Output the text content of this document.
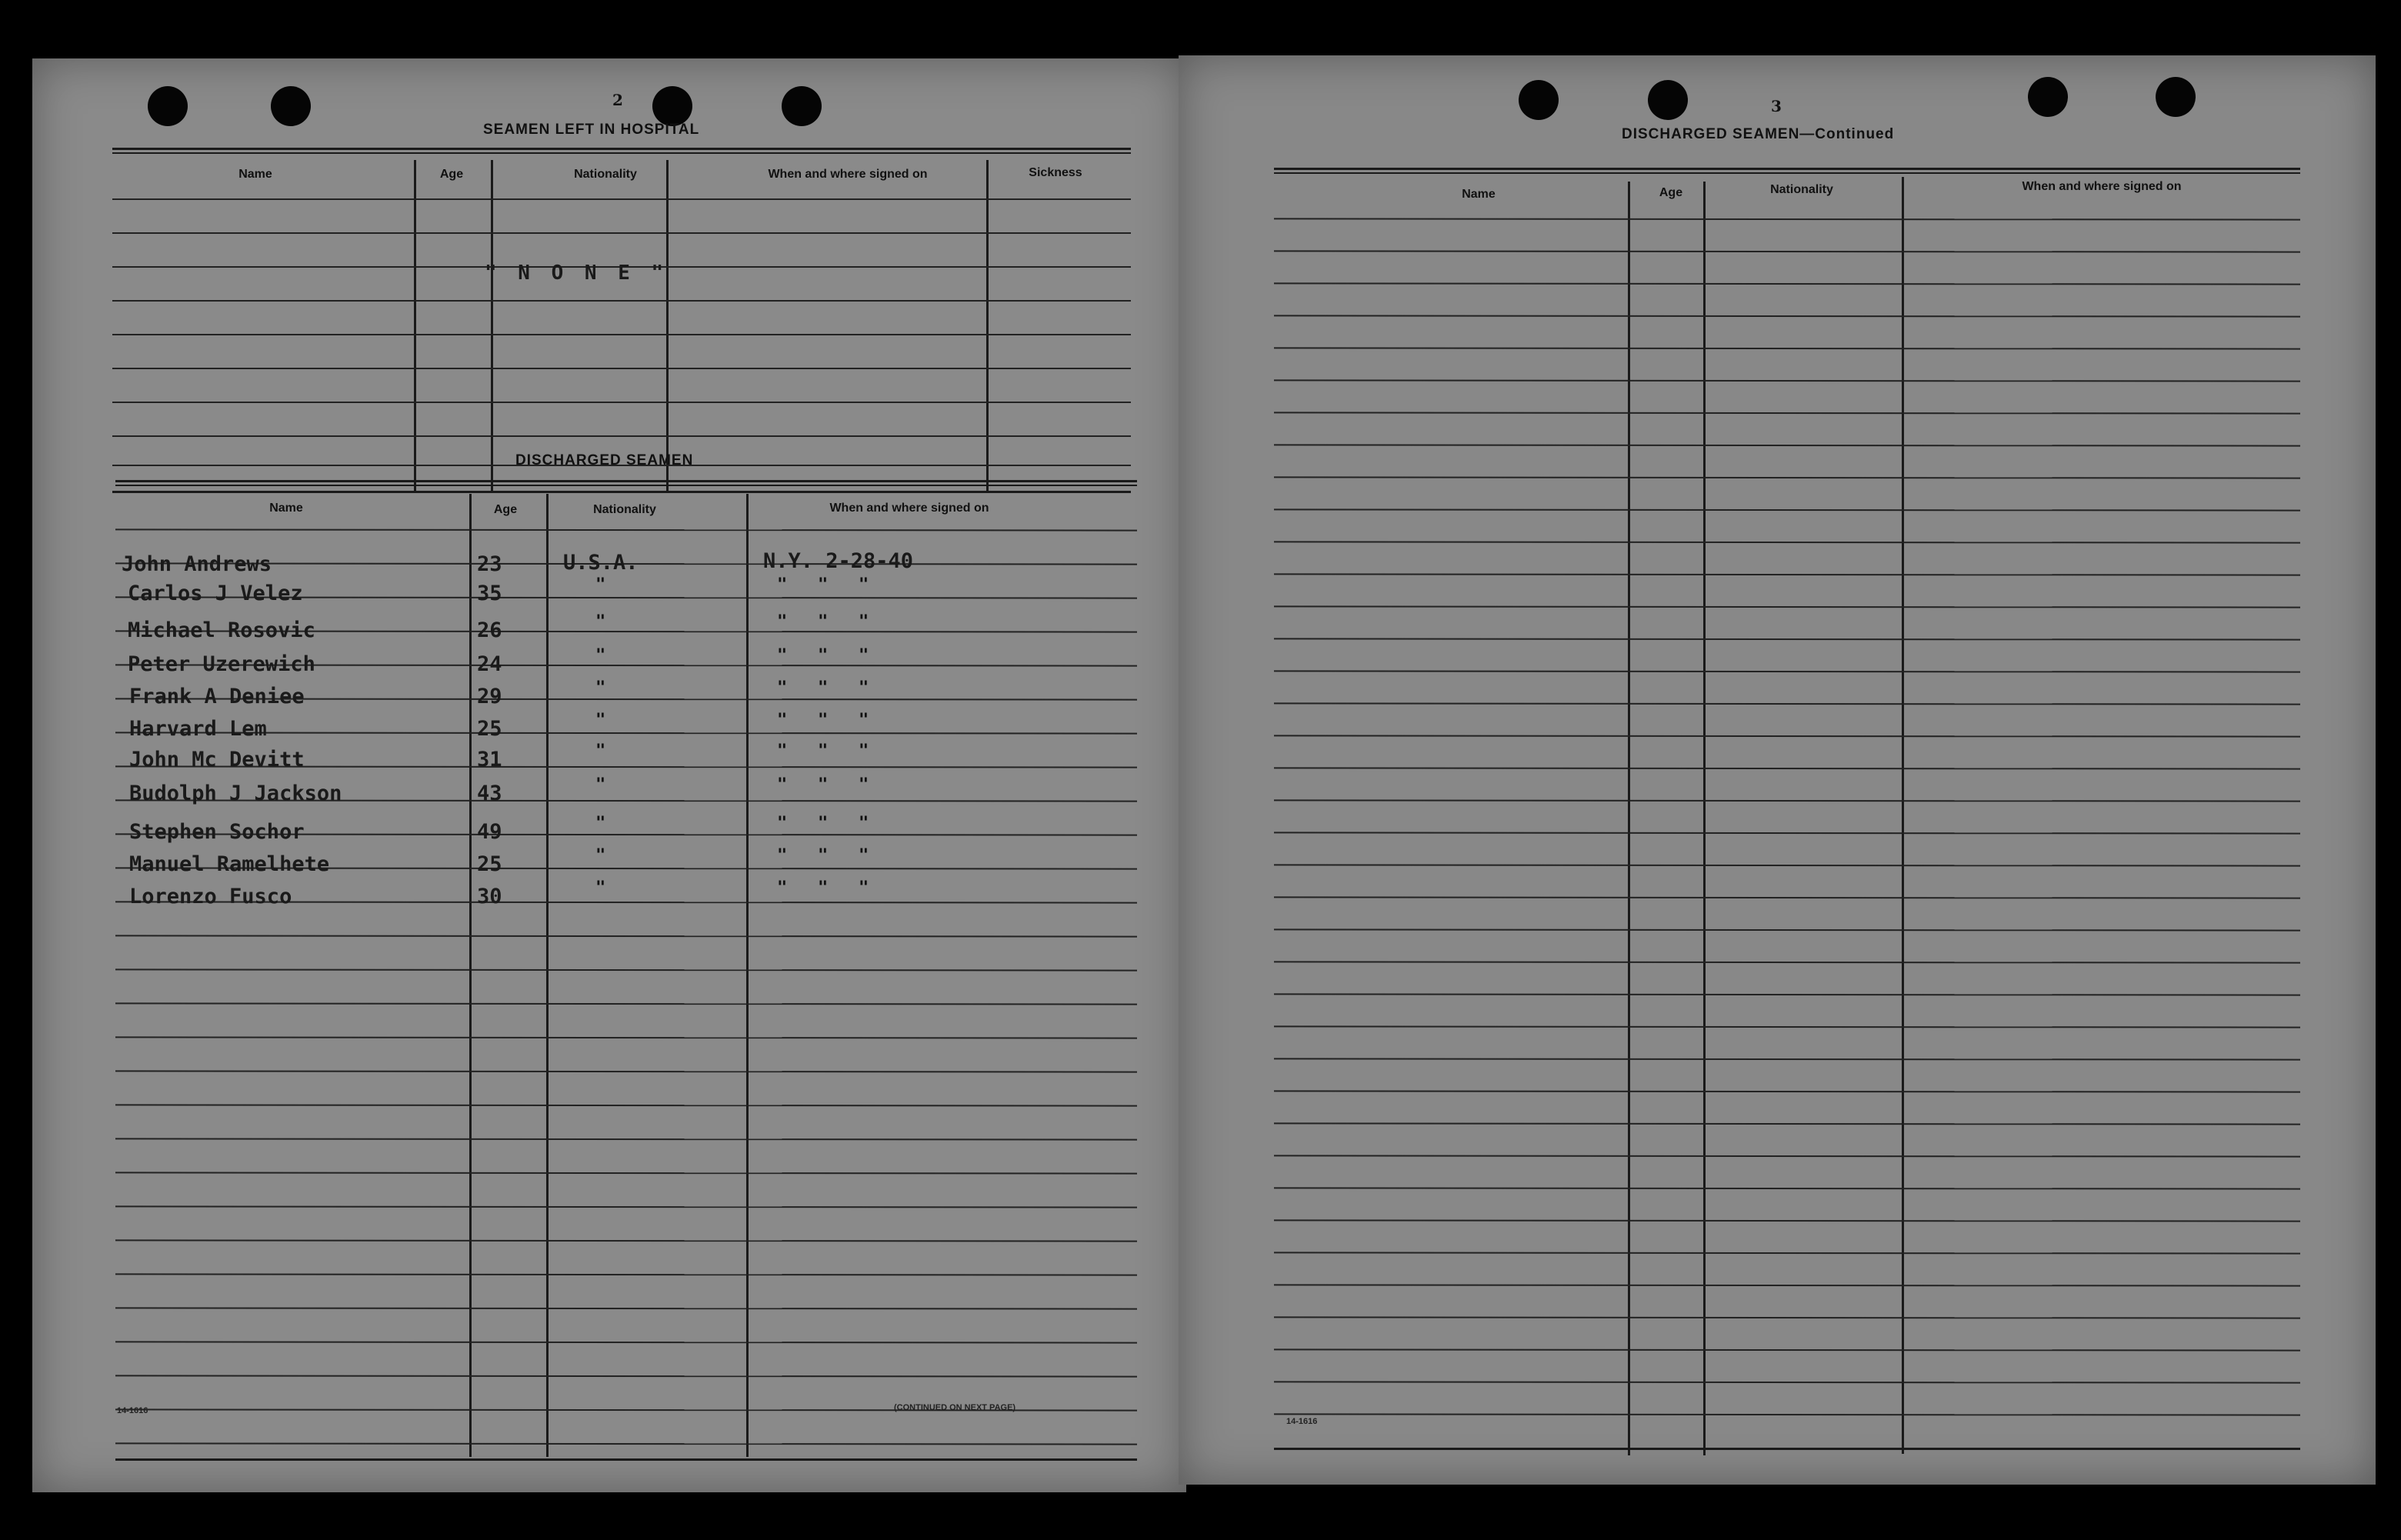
2
SEAMEN LEFT IN HOSPITAL
Name	Age	Nationality	When and where signed on	Sickness
" N O N E "
DISCHARGED SEAMEN
Name	Age	Nationality	When and where signed on
John Andrews	23	U.S.A.	N.Y. 2-28-40
Carlos J Velez	35	"	"   "   "
Michael Rosovic	26	"	"   "   "
Peter Uzerewich	24	"	"   "   "
Frank A Deniee	29	"	"   "   "
Harvard Lem	25	"	"   "   "
John Mc Devitt	31	"	"   "   "
Budolph J Jackson	43	"	"   "   "
Stephen Sochor	49	"	"   "   "
Manuel Ramelhete	25	"	"   "   "
Lorenzo Fusco	30	"	"   "   "
14-1616	(CONTINUED ON NEXT PAGE)
3
DISCHARGED SEAMEN—Continued
Name	Age	Nationality	When and where signed on
14-1616
